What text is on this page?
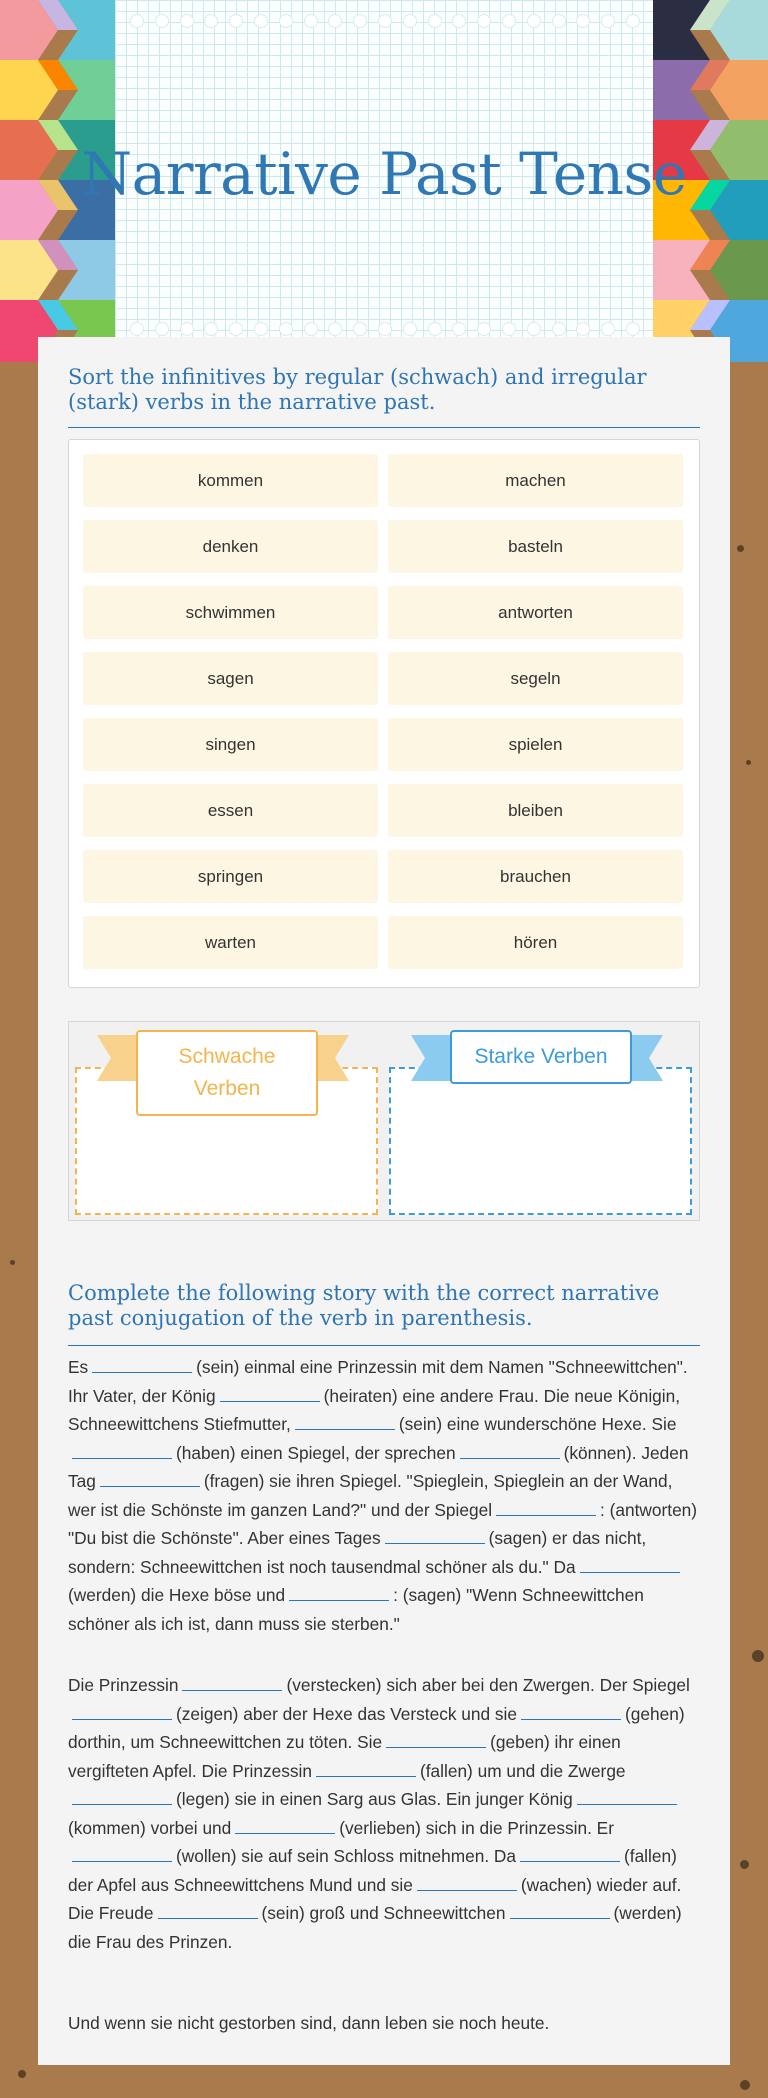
Narrative Past Tense
Sort the infinitives by regular (schwach) and irregular (stark) verbs in the narrative past.
kommen	machen
denken	basteln
schwimmen	antworten
sagen	segeln
singen	spielen
essen	bleiben
springen	brauchen
warten	hören
Schwache Verben
Starke Verben
Complete the following story with the correct narrative past conjugation of the verb in parenthesis.
Es	(sein) einmal eine Prinzessin mit dem Namen "Schneewittchen". Ihr Vater, der König	(heiraten) eine andere Frau. Die neue Königin, Schneewittchens Stiefmutter,	(sein) eine wunderschöne Hexe. Sie(haben) einen Spiegel, der sprechen	(können). Jeden Tag	(fragen) sie ihren Spiegel. "Spieglein, Spieglein an der Wand, wer ist die Schönste im ganzen Land?" und der Spiegel	: (antworten) "Du bist die Schönste". Aber eines Tages	(sagen) er das nicht, sondern: Schneewittchen ist noch tausendmal schöner als du." Da(werden) die Hexe böse und	: (sagen) "Wenn Schneewittchen schöner als ich ist, dann muss sie sterben."
Die Prinzessin	(verstecken) sich aber bei den Zwergen. Der Spiegel(zeigen) aber der Hexe das Versteck und sie	(gehen) dorthin, um Schneewittchen zu töten. Sie	(geben) ihr einen vergifteten Apfel. Die Prinzessin	(fallen) um und die Zwerge(legen) sie in einen Sarg aus Glas. Ein junger König(kommen) vorbei und	(verlieben) sich in die Prinzessin. Er(wollen) sie auf sein Schloss mitnehmen. Da	(fallen) der Apfel aus Schneewittchens Mund und sie	(wachen) wieder auf. Die Freude	(sein) groß und Schneewittchen	(werden) die Frau des Prinzen.
Und wenn sie nicht gestorben sind, dann leben sie noch heute.
